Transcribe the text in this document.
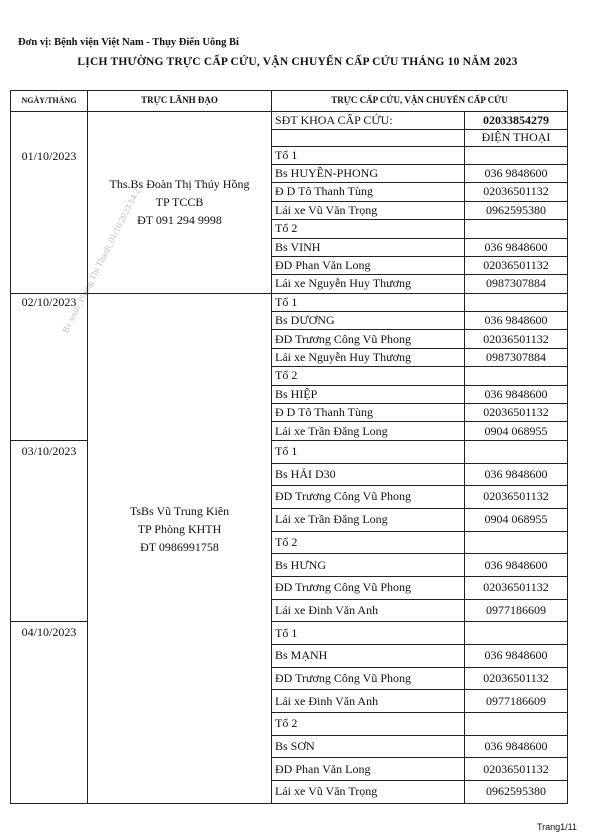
Đơn vị: Bệnh viện Việt Nam - Thụy Điển Uông Bí
LỊCH THƯỜNG TRỰC CẤP CỨU, VẬN CHUYỂN CẤP CỨU THÁNG 10 NĂM 2023
Bv vnsh_Phung Thi Thanh_01/10/2023 14:2
NGÀY/THÁNG	TRỰC LÃNH ĐẠO	TRỰC CẤP CỨU, VẬN CHUYỂN CẤP CỨU	

01/10/2023	Ths.Bs Đoàn Thị Thúy Hồng
TP TCCB
ĐT 091 294 9998	SĐT KHOA CẤP CỨU:	02033854279
			ĐIỆN THOẠI
		Tổ 1	
		Bs HUYỀN-PHONG	036 9848600
		Đ D Tô Thanh Tùng	02036501132
		Lái xe Vũ Văn Trọng	0962595380
		Tổ 2	
		Bs VINH	036 9848600
		ĐD Phan Văn Long	02036501132
		Lái xe Nguyễn Huy Thương	0987307884

02/10/2023	TsBs Vũ Trung Kiên
TP Phòng KHTH
ĐT 0986991758	Tổ 1	
		Bs DƯƠNG	036 9848600
		ĐD Trương Công Vũ Phong	02036501132
		Lái xe Nguyễn Huy Thương	0987307884
		Tổ 2	
		Bs HIỆP	036 9848600
		Đ D Tô Thanh Tùng	02036501132
		Lái xe Trần Đăng Long	0904 068955

03/10/2023		Tổ 1	
		Bs HẢI D30	036 9848600
		ĐD Trương Công Vũ Phong	02036501132
		Lái xe Trần Đăng Long	0904 068955
		Tổ 2	
		Bs HƯNG	036 9848600
		ĐD Trương Công Vũ Phong	02036501132
		Lái xe Đinh Văn Anh	0977186609

04/10/2023		Tổ 1	
		Bs MẠNH	036 9848600
		ĐD Trương Công Vũ Phong	02036501132
		Lái xe Đinh Văn Anh	0977186609
		Tổ 2	
		Bs SƠN	036 9848600
		ĐD Phan Văn Long	02036501132
		Lái xe Vũ Văn Trọng	0962595380
Trang1/11
